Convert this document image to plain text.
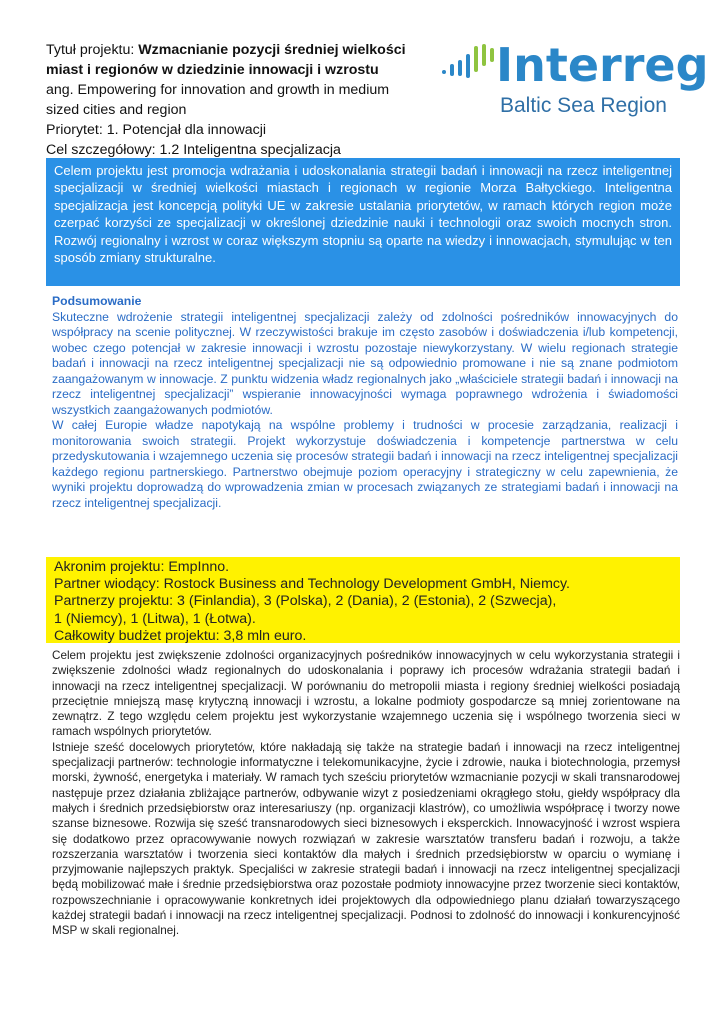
Tytuł projektu: Wzmacnianie pozycji średniej wielkości miast i regionów w dziedzinie innowacji i wzrostu
ang. Empowering for innovation and growth in medium sized cities and region
Priorytet: 1. Potencjał dla innowacji
Cel szczegółowy: 1.2 Inteligentna specjalizacja
Interreg
Baltic Sea Region
Celem projektu jest promocja wdrażania i udoskonalania strategii badań i innowacji na rzecz inteligentnej specjalizacji w średniej wielkości miastach i regionach w regionie Morza Bałtyckiego. Inteligentna specjalizacja jest koncepcją polityki UE w zakresie ustalania priorytetów, w ramach których region może czerpać korzyści ze specjalizacji w określonej dziedzinie nauki i technologii oraz swoich mocnych stron. Rozwój regionalny i wzrost w coraz większym stopniu są oparte na wiedzy i innowacjach, stymulując w ten sposób zmiany strukturalne.
Podsumowanie

Skuteczne wdrożenie strategii inteligentnej specjalizacji zależy od zdolności pośredników innowacyjnych do współpracy na scenie politycznej. W rzeczywistości brakuje im często zasobów i doświadczenia i/lub kompetencji, wobec czego potencjał w zakresie innowacji i wzrostu pozostaje niewykorzystany. W wielu regionach strategie badań i innowacji na rzecz inteligentnej specjalizacji nie są odpowiednio promowane i nie są znane podmiotom zaangażowanym w innowacje. Z punktu widzenia władz regionalnych jako „właściciele strategii badań i innowacji na rzecz inteligentnej specjalizacji” wspieranie innowacyjności wymaga poprawnego wdrożenia i świadomości wszystkich zaangażowanych podmiotów.

W całej Europie władze napotykają na wspólne problemy i trudności w procesie zarządzania, realizacji i monitorowania swoich strategii. Projekt wykorzystuje doświadczenia i kompetencje partnerstwa w celu przedyskutowania i wzajemnego uczenia się procesów strategii badań i innowacji na rzecz inteligentnej specjalizacji każdego regionu partnerskiego. Partnerstwo obejmuje poziom operacyjny i strategiczny w celu zapewnienia, że wyniki projektu doprowadzą do wprowadzenia zmian w procesach związanych ze strategiami badań i innowacji na rzecz inteligentnej specjalizacji.

Akronim projektu: EmpInno.
Partner wiodący: Rostock Business and Technology Development GmbH, Niemcy.
Partnerzy projektu: 3 (Finlandia), 3 (Polska), 2 (Dania), 2 (Estonia), 2 (Szwecja),
1 (Niemcy), 1 (Litwa), 1 (Łotwa).
Całkowity budżet projektu: 3,8 mln euro.

Celem projektu jest zwiększenie zdolności organizacyjnych pośredników innowacyjnych w celu wykorzystania strategii i zwiększenie zdolności władz regionalnych do udoskonalania i poprawy ich procesów wdrażania strategii badań i innowacji na rzecz inteligentnej specjalizacji. W porównaniu do metropolii miasta i regiony średniej wielkości posiadają przeciętnie mniejszą masę krytyczną innowacji i wzrostu, a lokalne podmioty gospodarcze są mniej zorientowane na zewnątrz. Z tego względu celem projektu jest wykorzystanie wzajemnego uczenia się i wspólnego tworzenia sieci w ramach wspólnych priorytetów.

Istnieje sześć docelowych priorytetów, które nakładają się także na strategie badań i innowacji na rzecz inteligentnej specjalizacji partnerów: technologie informatyczne i telekomunikacyjne, życie i zdrowie, nauka i biotechnologia, przemysł morski, żywność, energetyka i materiały. W ramach tych sześciu priorytetów wzmacnianie pozycji w skali transnarodowej następuje przez działania zbliżające partnerów, odbywanie wizyt z posiedzeniami okrągłego stołu, giełdy współpracy dla małych i średnich przedsiębiorstw oraz interesariuszy (np. organizacji klastrów), co umożliwia współpracę i tworzy nowe szanse biznesowe. Rozwija się sześć transnarodowych sieci biznesowych i eksperckich. Innowacyjność i wzrost wspiera się dodatkowo przez opracowywanie nowych rozwiązań w zakresie warsztatów transferu badań i rozwoju, a także rozszerzania warsztatów i tworzenia sieci kontaktów dla małych i średnich przedsiębiorstw w oparciu o wymianę i przyjmowanie najlepszych praktyk. Specjaliści w zakresie strategii badań i innowacji na rzecz inteligentnej specjalizacji będą mobilizować małe i średnie przedsiębiorstwa oraz pozostałe podmioty innowacyjne przez tworzenie sieci kontaktów, rozpowszechnianie i opracowywanie konkretnych idei projektowych dla odpowiedniego planu działań towarzyszącego każdej strategii badań i innowacji na rzecz inteligentnej specjalizacji. Podnosi to zdolność do innowacji i konkurencyjność MSP w skali regionalnej.
